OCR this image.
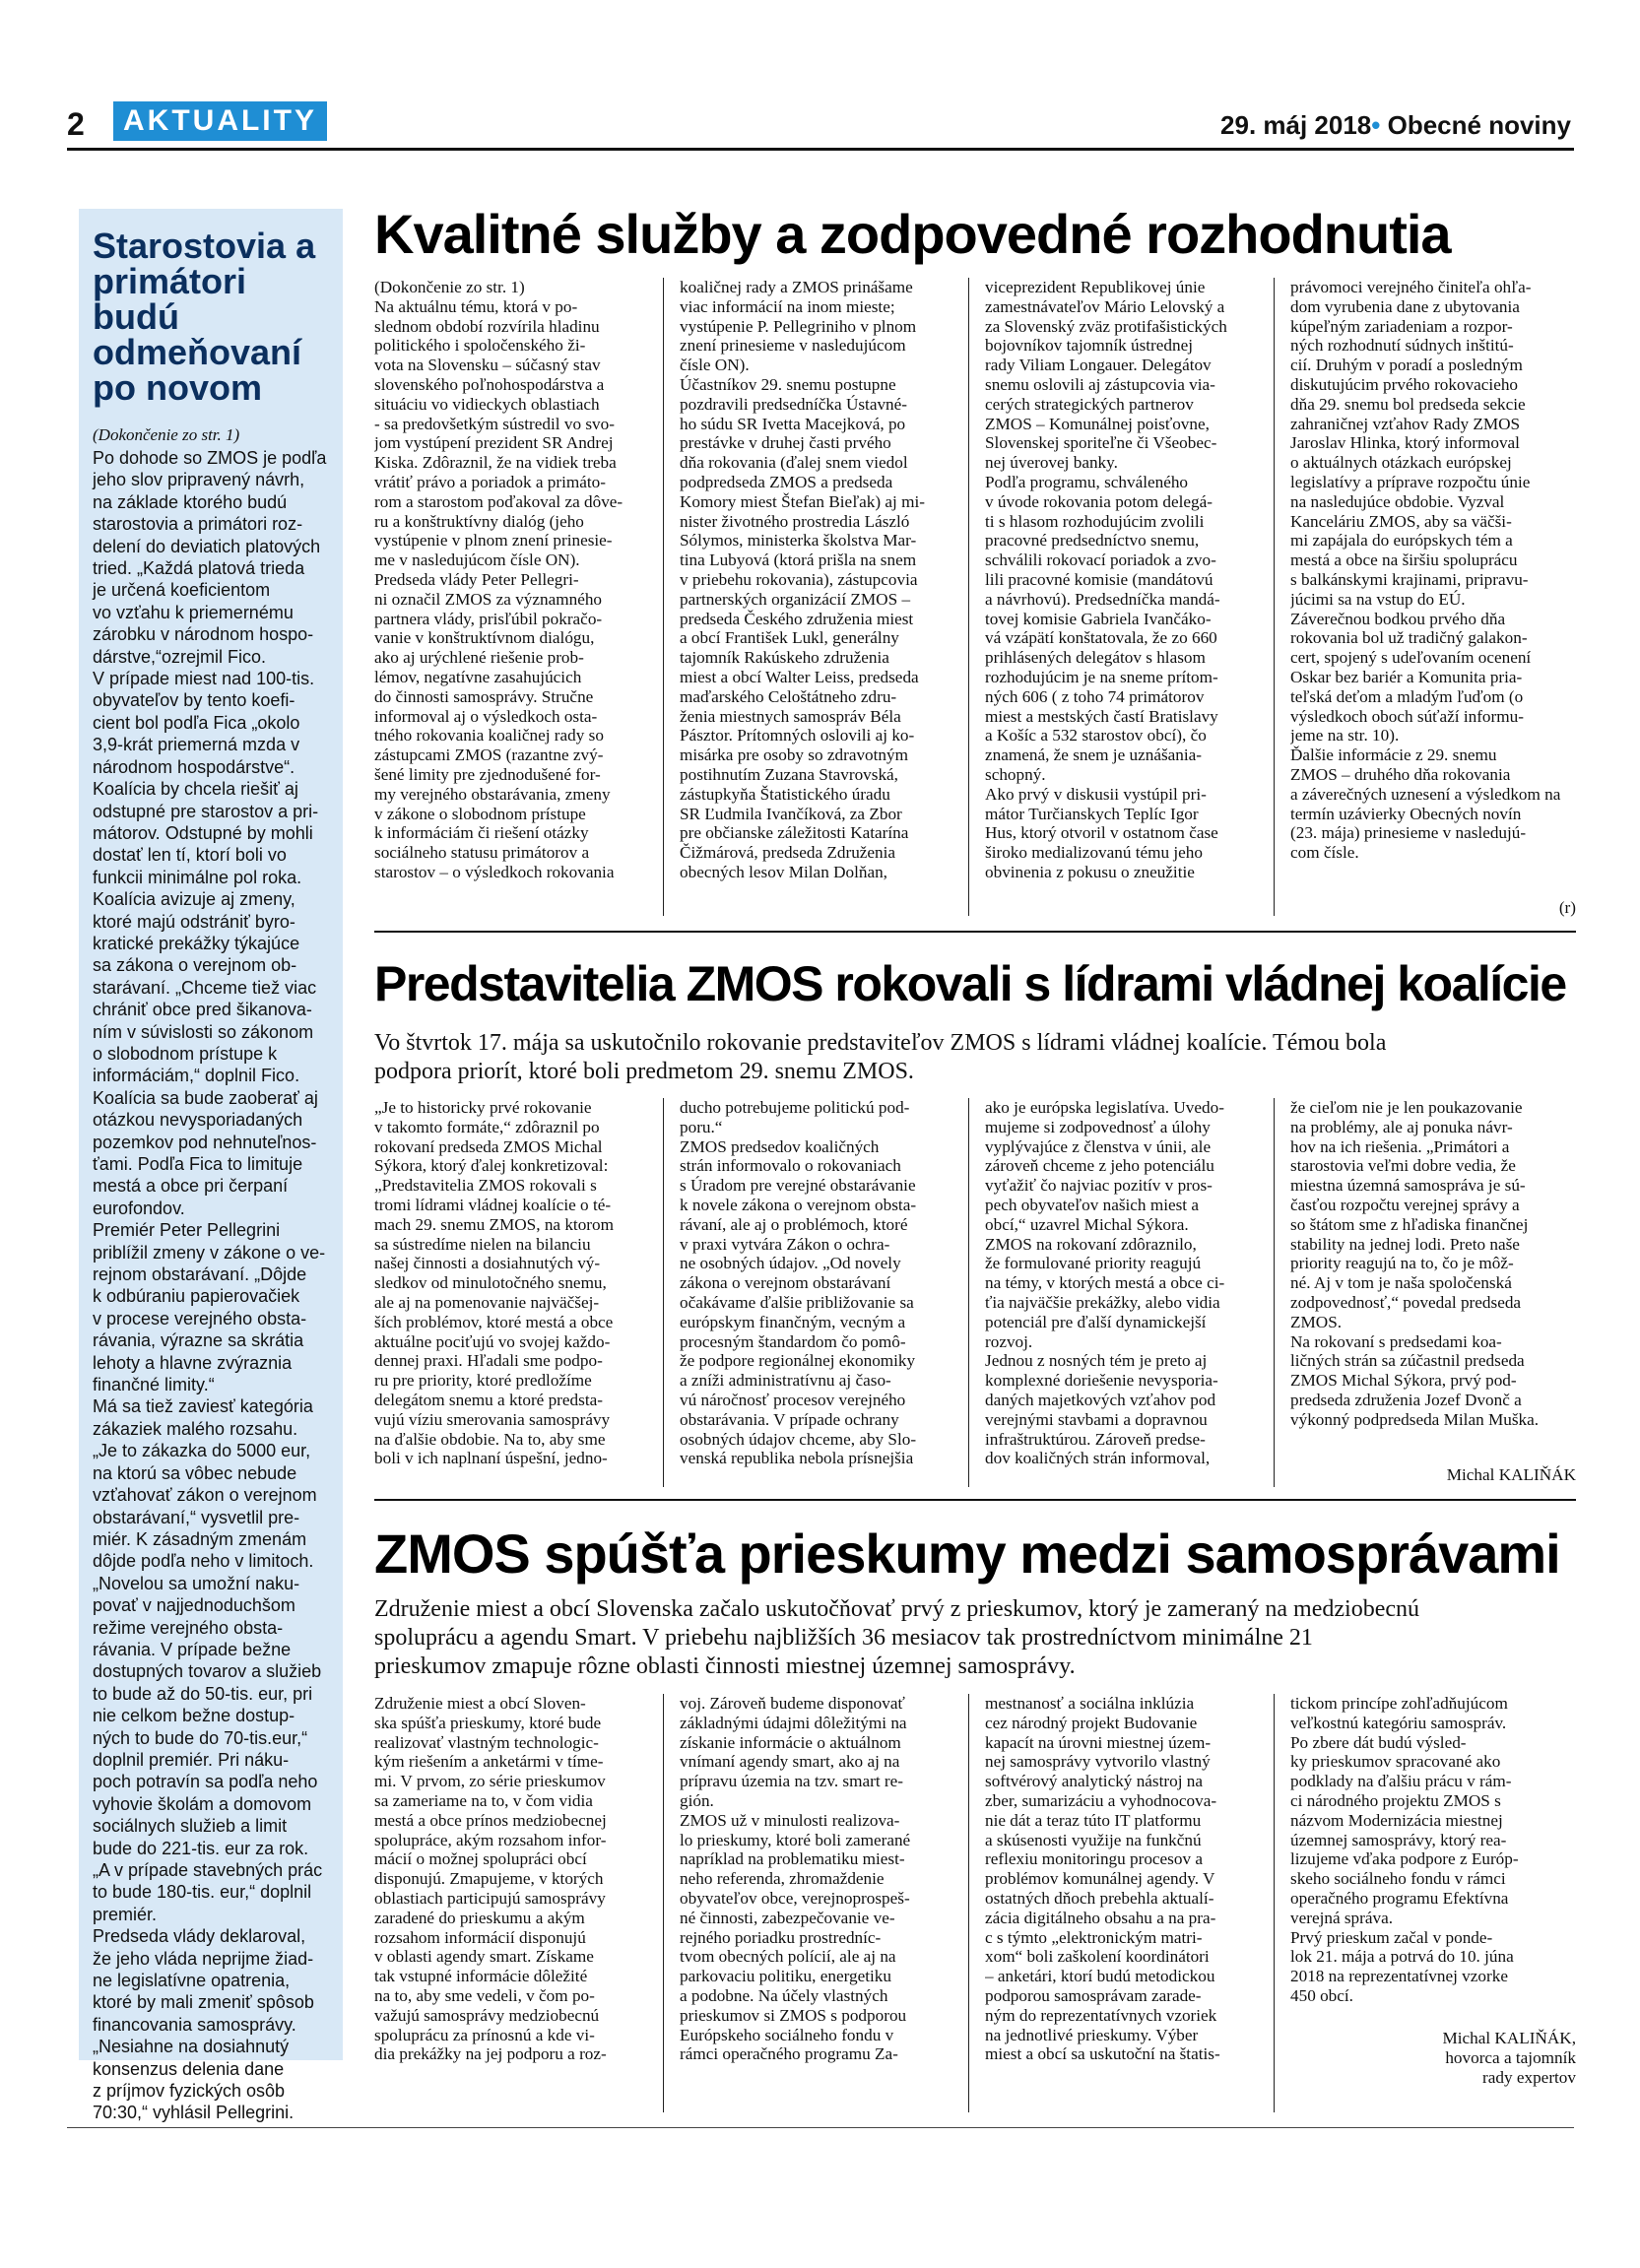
2	AKTUALITY	29. máj 2018• Obecné noviny
Starostovia a primátori budú odmeňovaní po novom
(Dokončenie zo str. 1)
Po dohode so ZMOS je podľa
jeho slov pripravený návrh,
na základe ktorého budú
starostovia a primátori roz-
delení do deviatich platových
tried. „Každá platová trieda
je určená koeficientom
vo vzťahu k priemernému
zárobku v národnom hospo-
dárstve,“ozrejmil Fico.
V prípade miest nad 100-tis.
obyvateľov by tento koefi-
cient bol podľa Fica „okolo
3,9-krát priemerná mzda v
národnom hospodárstve“.
Koalícia by chcela riešiť aj
odstupné pre starostov a pri-
mátorov. Odstupné by mohli
dostať len tí, ktorí boli vo
funkcii minimálne pol roka.
Koalícia avizuje aj zmeny,
ktoré majú odstrániť byro-
kratické prekážky týkajúce
sa zákona o verejnom ob-
starávaní. „Chceme tiež viac
chrániť obce pred šikanova-
ním v súvislosti so zákonom
o slobodnom prístupe k
informáciám,“ doplnil Fico.
Koalícia sa bude zaoberať aj
otázkou nevysporiadaných
pozemkov pod nehnuteľnos-
ťami. Podľa Fica to limituje
mestá a obce pri čerpaní
eurofondov.
Premiér Peter Pellegrini
priblížil zmeny v zákone o ve-
rejnom obstarávaní. „Dôjde
k odbúraniu papierovačiek
v procese verejného obsta-
rávania, výrazne sa skrátia
lehoty a hlavne zvýraznia
finančné limity.“
Má sa tiež zaviesť kategória
zákaziek malého rozsahu.
„Je to zákazka do 5000 eur,
na ktorú sa vôbec nebude
vzťahovať zákon o verejnom
obstarávaní,“ vysvetlil pre-
miér. K zásadným zmenám
dôjde podľa neho v limitoch.
„Novelou sa umožní naku-
povať v najjednoduchšom
režime verejného obsta-
rávania. V prípade bežne
dostupných tovarov a služieb
to bude až do 50-tis. eur, pri
nie celkom bežne dostup-
ných to bude do 70-tis.eur,“
doplnil premiér. Pri náku-
poch potravín sa podľa neho
vyhovie školám a domovom
sociálnych služieb a limit
bude do 221-tis. eur za rok.
„A v prípade stavebných prác
to bude 180-tis. eur,“ doplnil
premiér.
Predseda vlády deklaroval,
že jeho vláda neprijme žiad-
ne legislatívne opatrenia,
ktoré by mali zmeniť spôsob
financovania samosprávy.
„Nesiahne na dosiahnutý
konsenzus delenia dane
z príjmov fyzických osôb
70:30,“ vyhlásil Pellegrini.
Kvalitné služby a zodpovedné rozhodnutia
(Dokončenie zo str. 1)
Na aktuálnu tému, ktorá v po-
slednom období rozvírila hladinu
politického i spoločenského ži-
vota na Slovensku – súčasný stav
slovenského poľnohospodárstva a
situáciu vo vidieckych oblastiach
- sa predovšetkým sústredil vo svo-
jom vystúpení prezident SR Andrej
Kiska. Zdôraznil, že na vidiek treba
vrátiť právo a poriadok a primáto-
rom a starostom poďakoval za dôve-
ru a konštruktívny dialóg (jeho
vystúpenie v plnom znení prinesie-
me v nasledujúcom čísle ON).
Predseda vlády Peter Pellegri-
ni označil ZMOS za významného
partnera vlády, prisľúbil pokračo-
vanie v konštruktívnom dialógu,
ako aj urýchlené riešenie prob-
lémov, negatívne zasahujúcich
do činnosti samosprávy. Stručne
informoval aj o výsledkoch osta-
tného rokovania koaličnej rady so
zástupcami ZMOS (razantne zvý-
šené limity pre zjednodušené for-
my verejného obstarávania, zmeny
v zákone o slobodnom prístupe
k informáciám či riešení otázky
sociálneho statusu primátorov a
starostov – o výsledkoch rokovania
koaličnej rady a ZMOS prinášame
viac informácií na inom mieste;
vystúpenie P. Pellegriniho v plnom
znení prinesieme v nasledujúcom
čísle ON).
Účastníkov 29. snemu postupne
pozdravili predsedníčka Ústavné-
ho súdu SR Ivetta Macejková, po
prestávke v druhej časti prvého
dňa rokovania (ďalej snem viedol
podpredseda ZMOS a predseda
Komory miest Štefan Bieľak) aj mi-
nister životného prostredia László
Sólymos, ministerka školstva Mar-
tina Lubyová (ktorá prišla na snem
v priebehu rokovania), zástupcovia
partnerských organizácií ZMOS –
predseda Českého združenia miest
a obcí František Lukl, generálny
tajomník Rakúskeho združenia
miest a obcí Walter Leiss, predseda
maďarského Celoštátneho zdru-
ženia miestnych samospráv Béla
Pásztor. Prítomných oslovili aj ko-
misárka pre osoby so zdravotným
postihnutím Zuzana Stavrovská,
zástupkyňa Štatistického úradu
SR Ľudmila Ivančíková, za Zbor
pre občianske záležitosti Katarína
Čižmárová, predseda Združenia
obecných lesov Milan Dolňan,
viceprezident Republikovej únie
zamestnávateľov Mário Lelovský a
za Slovenský zväz protifašistických
bojovníkov tajomník ústrednej
rady Viliam Longauer. Delegátov
snemu oslovili aj zástupcovia via-
cerých strategických partnerov
ZMOS – Komunálnej poisťovne,
Slovenskej sporiteľne či Všeobec-
nej úverovej banky.
Podľa programu, schváleného
v úvode rokovania potom delegá-
ti s hlasom rozhodujúcim zvolili
pracovné predsedníctvo snemu,
schválili rokovací poriadok a zvo-
lili pracovné komisie (mandátovú
a návrhovú). Predsedníčka mandá-
tovej komisie Gabriela Ivančáko-
vá vzápätí konštatovala, že zo 660
prihlásených delegátov s hlasom
rozhodujúcim je na sneme prítom-
ných 606 ( z toho 74 primátorov
miest a mestských častí Bratislavy
a Košíc a 532 starostov obcí), čo
znamená, že snem je uznášania-
schopný.
Ako prvý v diskusii vystúpil pri-
mátor Turčianskych Teplíc Igor
Hus, ktorý otvoril v ostatnom čase
široko medializovanú tému jeho
obvinenia z pokusu o zneužitie
právomoci verejného činiteľa ohľa-
dom vyrubenia dane z ubytovania
kúpeľným zariadeniam a rozpor-
ných rozhodnutí súdnych inštitú-
cií. Druhým v poradí a posledným
diskutujúcim prvého rokovacieho
dňa 29. snemu bol predseda sekcie
zahraničnej vzťahov Rady ZMOS
Jaroslav Hlinka, ktorý informoval
o aktuálnych otázkach európskej
legislatívy a príprave rozpočtu únie
na nasledujúce obdobie. Vyzval
Kanceláriu ZMOS, aby sa väčši-
mi zapájala do európskych tém a
mestá a obce na širšiu spoluprácu
s balkánskymi krajinami, pripravu-
júcimi sa na vstup do EÚ.
Záverečnou bodkou prvého dňa
rokovania bol už tradičný galakon-
cert, spojený s udeľovaním ocenení
Oskar bez bariér a Komunita pria-
teľská deťom a mladým ľuďom (o
výsledkoch oboch súťaží informu-
jeme na str. 10).
Ďalšie informácie z 29. snemu
ZMOS – druhého dňa rokovania
a záverečných uznesení a výsledkom na
termín uzávierky Obecných novín
(23. mája) prinesieme v nasledujú-
com čísle.
(r)
Predstavitelia ZMOS rokovali s lídrami vládnej koalície
Vo štvrtok 17. mája sa uskutočnilo rokovanie predstaviteľov ZMOS s lídrami vládnej koalície. Témou bola
podpora priorít, ktoré boli predmetom 29. snemu ZMOS.
„Je to historicky prvé rokovanie
v takomto formáte,“ zdôraznil po
rokovaní predseda ZMOS Michal
Sýkora, ktorý ďalej konkretizoval:
„Predstavitelia ZMOS rokovali s
tromi lídrami vládnej koalície o té-
mach 29. snemu ZMOS, na ktorom
sa sústredíme nielen na bilanciu
našej činnosti a dosiahnutých vý-
sledkov od minulotočného snemu,
ale aj na pomenovanie najväčšej-
ších problémov, ktoré mestá a obce
aktuálne pociťujú vo svojej každo-
dennej praxi. Hľadali sme podpo-
ru pre priority, ktoré predložíme
delegátom snemu a ktoré predsta-
vujú víziu smerovania samosprávy
na ďalšie obdobie. Na to, aby sme
boli v ich naplnaní úspešní, jedno-
ducho potrebujeme politickú pod-
poru.“
ZMOS predsedov koaličných
strán informovalo o rokovaniach
s Úradom pre verejné obstarávanie
k novele zákona o verejnom obsta-
rávaní, ale aj o problémoch, ktoré
v praxi vytvára Zákon o ochra-
ne osobných údajov. „Od novely
zákona o verejnom obstarávaní
očakávame ďalšie približovanie sa
európskym finančným, vecným a
procesným štandardom čo pomô-
že podpore regionálnej ekonomiky
a zníži administratívnu aj časo-
vú náročnosť procesov verejného
obstarávania. V prípade ochrany
osobných údajov chceme, aby Slo-
venská republika nebola prísnejšia
ako je európska legislatíva. Uvedo-
mujeme si zodpovednosť a úlohy
vyplývajúce z členstva v únii, ale
zároveň chceme z jeho potenciálu
vyťažiť čo najviac pozitív v pros-
pech obyvateľov našich miest a
obcí,“ uzavrel Michal Sýkora.
ZMOS na rokovaní zdôraznilo,
že formulované priority reagujú
na témy, v ktorých mestá a obce ci-
ťia najväčšie prekážky, alebo vidia
potenciál pre ďalší dynamickejší
rozvoj.
Jednou z nosných tém je preto aj
komplexné doriešenie nevysporia-
daných majetkových vzťahov pod
verejnými stavbami a dopravnou
infraštruktúrou. Zároveň predse-
dov koaličných strán informoval,
že cieľom nie je len poukazovanie
na problémy, ale aj ponuka návr-
hov na ich riešenia. „Primátori a
starostovia veľmi dobre vedia, že
miestna územná samospráva je sú-
časťou rozpočtu verejnej správy a
so štátom sme z hľadiska finančnej
stability na jednej lodi. Preto naše
priority reagujú na to, čo je môž-
né. Aj v tom je naša spoločenská
zodpovednosť,“ povedal predseda
ZMOS.
Na rokovaní s predsedami koa-
ličných strán sa zúčastnil predseda
ZMOS Michal Sýkora, prvý pod-
predseda združenia Jozef Dvonč a
výkonný podpredseda Milan Muška.
Michal KALIŇÁK
ZMOS spúšťa prieskumy medzi samosprávami
Združenie miest a obcí Slovenska začalo uskutočňovať prvý z prieskumov, ktorý je zameraný na medziobecnú
spoluprácu a agendu Smart. V priebehu najbližších 36 mesiacov tak prostredníctvom minimálne 21
prieskumov zmapuje rôzne oblasti činnosti miestnej územnej samosprávy.
Združenie miest a obcí Sloven-
ska spúšťa prieskumy, ktoré bude
realizovať vlastným technologic-
kým riešením a anketármi v tíme-
mi. V prvom, zo série prieskumov
sa zameriame na to, v čom vidia
mestá a obce prínos medziobecnej
spolupráce, akým rozsahom infor-
mácií o možnej spolupráci obcí
disponujú. Zmapujeme, v ktorých
oblastiach participujú samosprávy
zaradené do prieskumu a akým
rozsahom informácií disponujú
v oblasti agendy smart. Získame
tak vstupné informácie dôležité
na to, aby sme vedeli, v čom po-
važujú samosprávy medziobecnú
spoluprácu za prínosnú a kde vi-
dia prekážky na jej podporu a roz-
voj. Zároveň budeme disponovať
základnými údajmi dôležitými na
získanie informácie o aktuálnom
vnímaní agendy smart, ako aj na
prípravu územia na tzv. smart re-
gión.
ZMOS už v minulosti realizova-
lo prieskumy, ktoré boli zamerané
napríklad na problematiku miest-
neho referenda, zhromaždenie
obyvateľov obce, verejnoprospeš-
né činnosti, zabezpečovanie ve-
rejného poriadku prostredníc-
tvom obecných polícií, ale aj na
parkovaciu politiku, energetiku
a podobne. Na účely vlastných
prieskumov si ZMOS s podporou
Európskeho sociálneho fondu v
rámci operačného programu Za-
mestnanosť a sociálna inklúzia
cez národný projekt Budovanie
kapacít na úrovni miestnej územ-
nej samosprávy vytvorilo vlastný
softvérový analytický nástroj na
zber, sumarizáciu a vyhodnocova-
nie dát a teraz túto IT platformu
a skúsenosti využije na funkčnú
reflexiu monitoringu procesov a
problémov komunálnej agendy. V
ostatných dňoch prebehla aktualí-
zácia digitálneho obsahu a na pra-
c s týmto „elektronickým matri-
xom“ boli zaškolení koordinátori
– anketári, ktorí budú metodickou
podporou samosprávam zarade-
ným do reprezentatívnych vzoriek
na jednotlivé prieskumy. Výber
miest a obcí sa uskutoční na štatis-
tickom princípe zohľadňujúcom
veľkostnú kategóriu samospráv.
Po zbere dát budú výsled-
ky prieskumov spracované ako
podklady na ďalšiu prácu v rám-
ci národného projektu ZMOS s
názvom Modernizácia miestnej
územnej samosprávy, ktorý rea-
lizujeme vďaka podpore z Európ-
skeho sociálneho fondu v rámci
operačného programu Efektívna
verejná správa.
Prvý prieskum začal v ponde-
lok 21. mája a potrvá do 10. júna
2018 na reprezentatívnej vzorke
450 obcí.
Michal KALIŇÁK,
hovorca a tajomník
rady expertov
